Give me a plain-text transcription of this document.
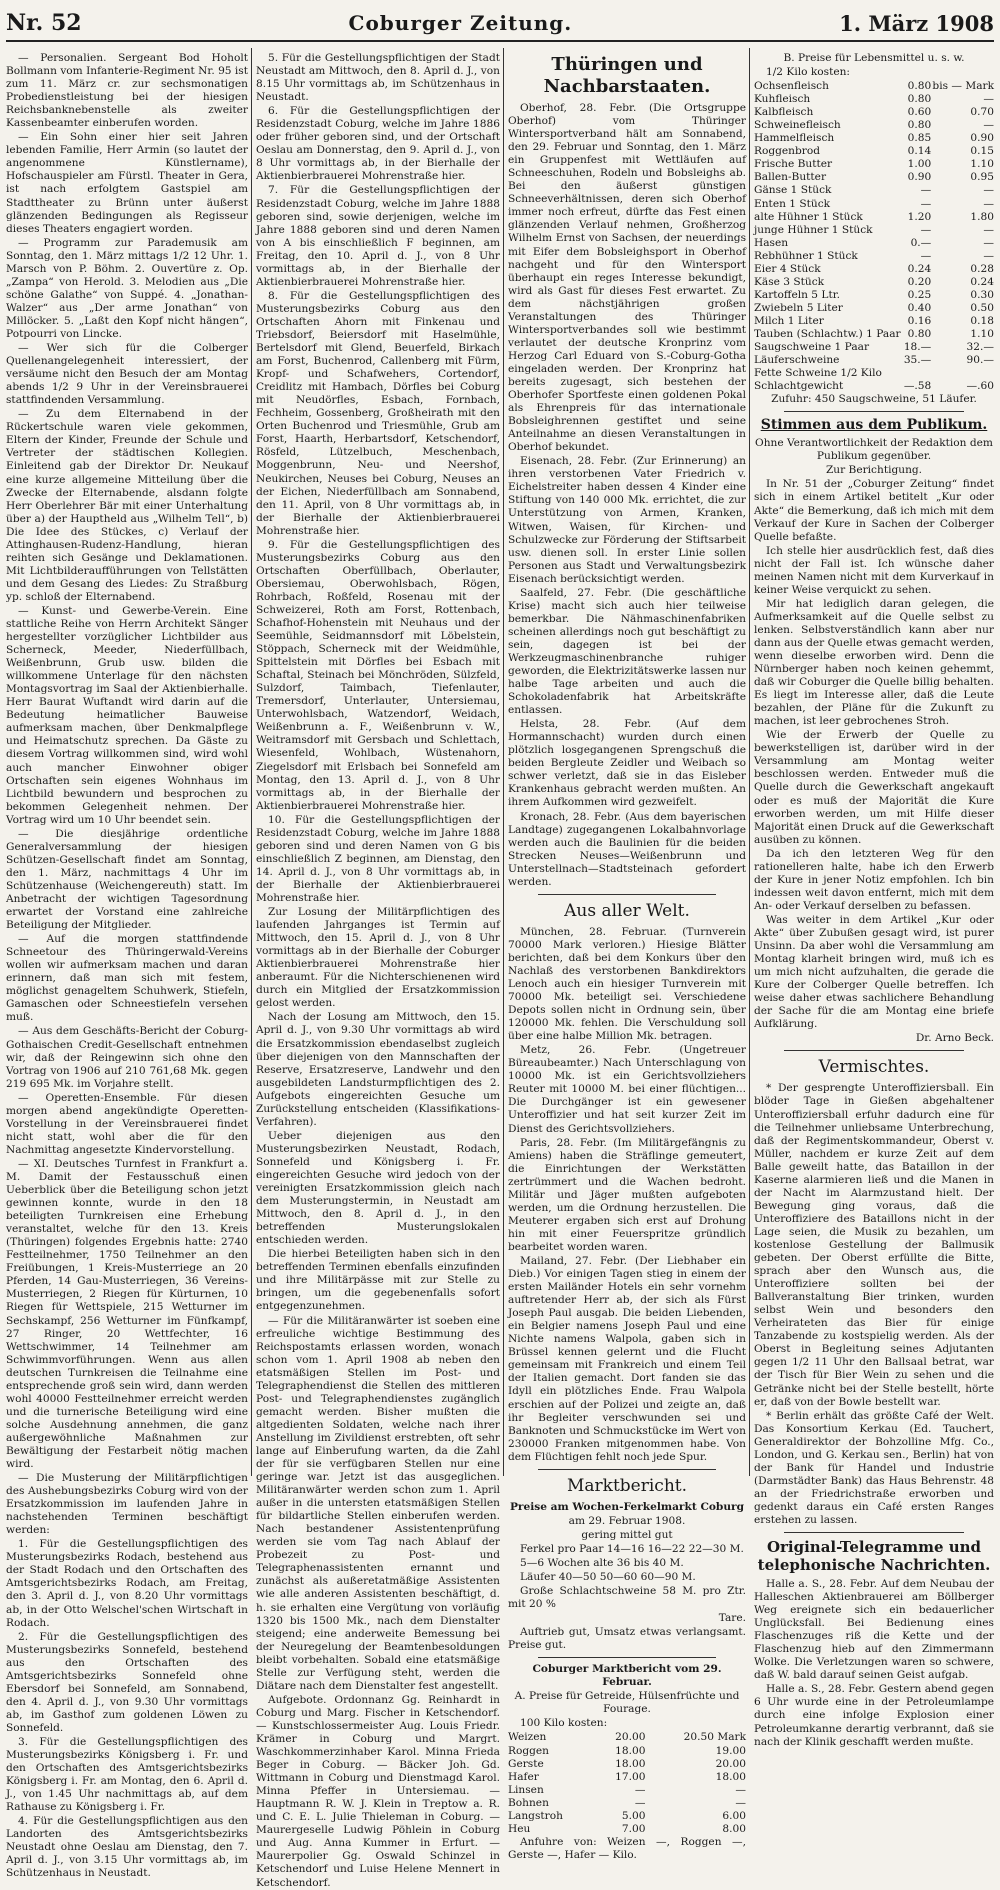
Nr. 52	Coburger Zeitung.	1. März 1908

— Personalien. Sergeant Bod Hoholt Bollmann vom Infanterie-Regiment Nr. 95 ist zum 11. März cr. zur sechsmonatigen Probedienstleistung bei der hiesigen Reichsbanknebenstelle als zweiter Kassenbeamter einberufen worden.

— Ein Sohn einer hier seit Jahren lebenden Familie, Herr Armin (so lautet der angenommene Künstlername), Hofschauspieler am Fürstl. Theater in Gera, ist nach erfolgtem Gastspiel am Stadttheater zu Brünn unter äußerst glänzenden Bedingungen als Regisseur dieses Theaters engagiert worden.

— Programm zur Parademusik am Sonntag, den 1. März mittags 1/2 12 Uhr. 1. Marsch von P. Böhm. 2. Ouvertüre z. Op. „Zampa“ von Herold. 3. Melodien aus „Die schöne Galathe“ von Suppé. 4. „Jonathan-Walzer“ aus „Der arme Jonathan“ von Millöcker. 5. „Laßt den Kopf nicht hängen“, Potpourri von Lincke.

— Wer sich für die Colberger Quellenangelegenheit interessiert, der versäume nicht den Besuch der am Montag abends 1/2 9 Uhr in der Vereinsbrauerei stattfindenden Versammlung.

— Zu dem Elternabend in der Rückertschule waren viele gekommen, Eltern der Kinder, Freunde der Schule und Vertreter der städtischen Kollegien. Einleitend gab der Direktor Dr. Neukauf eine kurze allgemeine Mitteilung über die Zwecke der Elternabende, alsdann folgte Herr Oberlehrer Bär mit einer Unterhaltung über a) der Hauptheld aus „Wilhelm Tell“, b) Die Idee des Stückes, c) Verlauf der Attinghausen-Rudenz-Handlung, hieran reihten sich Gesänge und Deklamationen. Mit Lichtbilderaufführungen von Tellstätten und dem Gesang des Liedes: Zu Straßburg yp. schloß der Elternabend.

— Kunst- und Gewerbe-Verein. Eine stattliche Reihe von Herrn Architekt Sänger hergestellter vorzüglicher Lichtbilder aus Scherneck, Meeder, Niederfüllbach, Weißenbrunn, Grub usw. bilden die willkommene Unterlage für den nächsten Montagsvortrag im Saal der Aktienbierhalle. Herr Baurat Wuftandt wird darin auf die Bedeutung heimatlicher Bauweise aufmerksam machen, über Denkmalpflege und Heimatschutz sprechen. Da Gäste zu diesem Vortrag willkommen sind, wird wohl auch mancher Einwohner obiger Ortschaften sein eigenes Wohnhaus im Lichtbild bewundern und besprochen zu bekommen Gelegenheit nehmen. Der Vortrag wird um 10 Uhr beendet sein.

— Die diesjährige ordentliche Generalversammlung der hiesigen Schützen-Gesellschaft findet am Sonntag, den 1. März, nachmittags 4 Uhr im Schützenhause (Weichengereuth) statt. Im Anbetracht der wichtigen Tagesordnung erwartet der Vorstand eine zahlreiche Beteiligung der Mitglieder.

— Auf die morgen stattfindende Schneetour des Thüringerwald-Vereins wollen wir aufmerksam machen und daran erinnern, daß man sich mit festem, möglichst genageltem Schuhwerk, Stiefeln, Gamaschen oder Schneestiefeln versehen muß.

— Aus dem Geschäfts-Bericht der Coburg-Gothaischen Credit-Gesellschaft entnehmen wir, daß der Reingewinn sich ohne den Vortrag von 1906 auf 210 761,68 Mk. gegen 219 695 Mk. im Vorjahre stellt.

— Operetten-Ensemble. Für diesen morgen abend angekündigte Operetten-Vorstellung in der Vereinsbrauerei findet nicht statt, wohl aber die für den Nachmittag angesetzte Kindervorstellung.

— XI. Deutsches Turnfest in Frankfurt a. M. Damit der Festausschuß einen Ueberblick über die Beteiligung schon jetzt gewinnen konnte, wurde in den 18 beteiligten Turnkreisen eine Erhebung veranstaltet, welche für den 13. Kreis (Thüringen) folgendes Ergebnis hatte: 2740 Festteilnehmer, 1750 Teilnehmer an den Freiübungen, 1 Kreis-Musterriege an 20 Pferden, 14 Gau-Musterriegen, 36 Vereins-Musterriegen, 2 Riegen für Kürturnen, 10 Riegen für Wettspiele, 215 Wetturner im Sechskampf, 256 Wetturner im Fünfkampf, 27 Ringer, 20 Wettfechter, 16 Wettschwimmer, 14 Teilnehmer am Schwimmvorführungen. Wenn aus allen deutschen Turnkreisen die Teilnahme eine entsprechende groß sein wird, dann werden wohl 40000 Festteilnehmer erreicht werden und die turnerische Beteiligung wird eine solche Ausdehnung annehmen, die ganz außergewöhnliche Maßnahmen zur Bewältigung der Festarbeit nötig machen wird.

— Die Musterung der Militärpflichtigen des Aushebungsbezirks Coburg wird von der Ersatzkommission im laufenden Jahre in nachstehenden Terminen beschäftigt werden:

1. Für die Gestellungspflichtigen des Musterungsbezirks Rodach, bestehend aus der Stadt Rodach und den Ortschaften des Amtsgerichtsbezirks Rodach, am Freitag, den 3. April d. J., von 8.20 Uhr vormittags ab, in der Otto Welschel'schen Wirtschaft in Rodach.

2. Für die Gestellungspflichtigen des Musterungsbezirks Sonnefeld, bestehend aus den Ortschaften des Amtsgerichtsbezirks Sonnefeld ohne Ebersdorf bei Sonnefeld, am Sonnabend, den 4. April d. J., von 9.30 Uhr vormittags ab, im Gasthof zum goldenen Löwen zu Sonnefeld.

3. Für die Gestellungspflichtigen des Musterungsbezirks Königsberg i. Fr. und den Ortschaften des Amtsgerichtsbezirks Königsberg i. Fr. am Montag, den 6. April d. J., von 1.45 Uhr nachmittags ab, auf dem Rathause zu Königsberg i. Fr.

4. Für die Gestellungspflichtigen aus den Landorten des Amtsgerichtsbezirks Neustadt ohne Oeslau am Dienstag, den 7. April d. J., von 3.15 Uhr vormittags ab, im Schützenhaus in Neustadt.

5. Für die Gestellungspflichtigen der Stadt Neustadt am Mittwoch, den 8. April d. J., von 8.15 Uhr vormittags ab, im Schützenhaus in Neustadt.

6. Für die Gestellungspflichtigen der Residenzstadt Coburg, welche im Jahre 1886 oder früher geboren sind, und der Ortschaft Oeslau am Donnerstag, den 9. April d. J., von 8 Uhr vormittags ab, in der Bierhalle der Aktienbierbrauerei Mohrenstraße hier.

7. Für die Gestellungspflichtigen der Residenzstadt Coburg, welche im Jahre 1888 geboren sind, sowie derjenigen, welche im Jahre 1888 geboren sind und deren Namen von A bis einschließlich F beginnen, am Freitag, den 10. April d. J., von 8 Uhr vormittags ab, in der Bierhalle der Aktienbierbrauerei Mohrenstraße hier.

8. Für die Gestellungspflichtigen des Musterungsbezirks Coburg aus den Ortschaften Ahorn mit Finkenau und Triebsdorf, Beiersdorf mit Haselmühle, Bertelsdorf mit Glend, Beuerfeld, Birkach am Forst, Buchenrod, Callenberg mit Fürm, Kropf- und Schafwehers, Cortendorf, Creidlitz mit Hambach, Dörfles bei Coburg mit Neudörfles, Esbach, Fornbach, Fechheim, Gossenberg, Großheirath mit den Orten Buchenrod und Triesmühle, Grub am Forst, Haarth, Herbartsdorf, Ketschendorf, Rösfeld, Lützelbuch, Meschenbach, Moggenbrunn, Neu- und Neershof, Neukirchen, Neuses bei Coburg, Neuses an der Eichen, Niederfüllbach am Sonnabend, den 11. April, von 8 Uhr vormittags ab, in der Bierhalle der Aktienbierbrauerei Mohrenstraße hier.

9. Für die Gestellungspflichtigen des Musterungsbezirks Coburg aus den Ortschaften Oberfüllbach, Oberlauter, Obersiemau, Oberwohlsbach, Rögen, Rohrbach, Roßfeld, Rosenau mit der Schweizerei, Roth am Forst, Rottenbach, Schafhof-Hohenstein mit Neuhaus und der Seemühle, Seidmannsdorf mit Löbelstein, Stöppach, Scherneck mit der Weidmühle, Spittelstein mit Dörfles bei Esbach mit Schaftal, Steinach bei Mönchröden, Sülzfeld, Sulzdorf, Taimbach, Tiefenlauter, Tremersdorf, Unterlauter, Untersiemau, Unterwohlsbach, Watzendorf, Weidach, Weißenbrunn a. F., Weißenbrunn v. W., Weitramsdorf mit Gersbach und Schlettach, Wiesenfeld, Wohlbach, Wüstenahorn, Ziegelsdorf mit Erlsbach bei Sonnefeld am Montag, den 13. April d. J., von 8 Uhr vormittags ab, in der Bierhalle der Aktienbierbrauerei Mohrenstraße hier.

10. Für die Gestellungspflichtigen der Residenzstadt Coburg, welche im Jahre 1888 geboren sind und deren Namen von G bis einschließlich Z beginnen, am Dienstag, den 14. April d. J., von 8 Uhr vormittags ab, in der Bierhalle der Aktienbierbrauerei Mohrenstraße hier.

Zur Losung der Militärpflichtigen des laufenden Jahrganges ist Termin auf Mittwoch, den 15. April d. J., von 8 Uhr vormittags ab in der Bierhalle der Coburger Aktienbierbrauerei Mohrenstraße hier anberaumt. Für die Nichterschienenen wird durch ein Mitglied der Ersatzkommission gelost werden.

Nach der Losung am Mittwoch, den 15. April d. J., von 9.30 Uhr vormittags ab wird die Ersatzkommission ebendaselbst zugleich über diejenigen von den Mannschaften der Reserve, Ersatzreserve, Landwehr und den ausgebildeten Landsturmpflichtigen des 2. Aufgebots eingereichten Gesuche um Zurückstellung entscheiden (Klassifikations-Verfahren).

Ueber diejenigen aus den Musterungsbezirken Neustadt, Rodach, Sonnefeld und Königsberg i. Fr. eingereichten Gesuche wird jedoch von der vereinigten Ersatzkommission gleich nach dem Musterungstermin, in Neustadt am Mittwoch, den 8. April d. J., in den betreffenden Musterungslokalen entschieden werden.

Die hierbei Beteiligten haben sich in den betreffenden Terminen ebenfalls einzufinden und ihre Militärpässe mit zur Stelle zu bringen, um die gegebenenfalls sofort entgegenzunehmen.

— Für die Militäranwärter ist soeben eine erfreuliche wichtige Bestimmung des Reichspostamts erlassen worden, wonach schon vom 1. April 1908 ab neben den etatsmäßigen Stellen im Post- und Telegraphendienst die Stellen des mittleren Post- und Telegraphendienstes zugänglich gemacht werden. Bisher mußten die altgedienten Soldaten, welche nach ihrer Anstellung im Zivildienst erstrebten, oft sehr lange auf Einberufung warten, da die Zahl der für sie verfügbaren Stellen nur eine geringe war. Jetzt ist das ausgeglichen. Militäranwärter werden schon zum 1. April außer in die untersten etatsmäßigen Stellen für bildartliche Stellen einberufen werden. Nach bestandener Assistentenprüfung werden sie vom Tag nach Ablauf der Probezeit zu Post- und Telegraphenassistenten ernannt und zunächst als außeretatmäßige Assistenten wie alle anderen Assistenten beschäftigt, d. h. sie erhalten eine Vergütung von vorläufig 1320 bis 1500 Mk., nach dem Dienstalter steigend; eine anderweite Bemessung bei der Neuregelung der Beamtenbesoldungen bleibt vorbehalten. Sobald eine etatsmäßige Stelle zur Verfügung steht, werden die Diätare nach dem Dienstalter fest angestellt.

Aufgebote. Ordonnanz Gg. Reinhardt in Coburg und Marg. Fischer in Ketschendorf. — Kunstschlossermeister Aug. Louis Friedr. Krämer in Coburg und Margrt. Waschkommerzinhaber Karol. Minna Frieda Beger in Coburg. — Bäcker Joh. Gd. Wittmann in Coburg und Dienstmagd Karol. Minna Pfeffer in Untersiemau. — Hauptmann R. W. J. Klein in Treptow a. R. und C. E. L. Julie Thieleman in Coburg. — Maurergeselle Ludwig Pöhlein in Coburg und Aug. Anna Kummer in Erfurt. — Maurerpolier Gg. Oswald Schinzel in Ketschendorf und Luise Helene Mennert in Ketschendorf.

Thüringen und Nachbarstaaten.

Oberhof, 28. Febr. (Die Ortsgruppe Oberhof) vom Thüringer Wintersportverband hält am Sonnabend, den 29. Februar und Sonntag, den 1. März ein Gruppenfest mit Wettläufen auf Schneeschuhen, Rodeln und Bobsleighs ab. Bei den äußerst günstigen Schneeverhältnissen, deren sich Oberhof immer noch erfreut, dürfte das Fest einen glänzenden Verlauf nehmen, Großherzog Wilhelm Ernst von Sachsen, der neuerdings mit Eifer dem Bobsleighsport in Oberhof nachgeht und für den Wintersport überhaupt ein reges Interesse bekundigt, wird als Gast für dieses Fest erwartet. Zu dem nächstjährigen großen Veranstaltungen des Thüringer Wintersportverbandes soll wie bestimmt verlautet der deutsche Kronprinz vom Herzog Carl Eduard von S.-Coburg-Gotha eingeladen werden. Der Kronprinz hat bereits zugesagt, sich bestehen der Oberhofer Sportfeste einen goldenen Pokal als Ehrenpreis für das internationale Bobsleighrennen gestiftet und seine Anteilnahme an diesen Veranstaltungen in Oberhof bekundet.

Eisenach, 28. Febr. (Zur Erinnerung) an ihren verstorbenen Vater Friedrich v. Eichelstreiter haben dessen 4 Kinder eine Stiftung von 140 000 Mk. errichtet, die zur Unterstützung von Armen, Kranken, Witwen, Waisen, für Kirchen- und Schulzwecke zur Förderung der Stiftsarbeit usw. dienen soll. In erster Linie sollen Personen aus Stadt und Verwaltungsbezirk Eisenach berücksichtigt werden.

Saalfeld, 27. Febr. (Die geschäftliche Krise) macht sich auch hier teilweise bemerkbar. Die Nähmaschinenfabriken scheinen allerdings noch gut beschäftigt zu sein, dagegen ist bei der Werkzeugmaschinenbranche ruhiger geworden, die Elektrizitätswerke lassen nur halbe Tage arbeiten und auch die Schokoladenfabrik hat Arbeitskräfte entlassen.

Helsta, 28. Febr. (Auf dem Hormannschacht) wurden durch einen plötzlich losgegangenen Sprengschuß die beiden Bergleute Zeidler und Weibach so schwer verletzt, daß sie in das Eisleber Krankenhaus gebracht werden mußten. An ihrem Aufkommen wird gezweifelt.

Kronach, 28. Febr. (Aus dem bayerischen Landtage) zugegangenen Lokalbahnvorlage werden auch die Baulinien für die beiden Strecken Neuses—Weißenbrunn und Unterstellnach—Stadtsteinach gefordert werden.

Aus aller Welt.

München, 28. Februar. (Turnverein 70000 Mark verloren.) Hiesige Blätter berichten, daß bei dem Konkurs über den Nachlaß des verstorbenen Bankdirektors Lenoch auch ein hiesiger Turnverein mit 70000 Mk. beteiligt sei. Verschiedene Depots sollen nicht in Ordnung sein, über 120000 Mk. fehlen. Die Verschuldung soll über eine halbe Million Mk. betragen.

Metz, 26. Febr. (Ungetreuer Büreaubeamter.) Nach Unterschlagung von 10000 Mk. ist ein Gerichtsvollziehers Reuter mit 10000 M. bei einer flüchtigen... Die Durchgänger ist ein gewesener Unteroffizier und hat seit kurzer Zeit im Dienst des Gerichtsvollziehers.

Paris, 28. Febr. (Im Militärgefängnis zu Amiens) haben die Sträflinge gemeutert, die Einrichtungen der Werkstätten zertrümmert und die Wachen bedroht. Militär und Jäger mußten aufgeboten werden, um die Ordnung herzustellen. Die Meuterer ergaben sich erst auf Drohung hin mit einer Feuerspritze gründlich bearbeitet worden waren.

Mailand, 27. Febr. (Der Liebhaber ein Dieb.) Vor einigen Tagen stieg in einem der ersten Mailänder Hotels ein sehr vornehm auftretender Herr ab, der sich als Fürst Joseph Paul ausgab. Die beiden Liebenden, ein Belgier namens Joseph Paul und eine Nichte namens Walpola, gaben sich in Brüssel kennen gelernt und die Flucht gemeinsam mit Frankreich und einem Teil der Italien gemacht. Dort fanden sie das Idyll ein plötzliches Ende. Frau Walpola erschien auf der Polizei und zeigte an, daß ihr Begleiter verschwunden sei und Banknoten und Schmuckstücke im Wert von 230000 Franken mitgenommen habe. Von dem Flüchtigen fehlt noch jede Spur.

Marktbericht.

Preise am Wochen-Ferkelmarkt Coburg

am 29. Februar 1908.

gering mittel gut

Ferkel pro Paar 14—16 16—22 22—30 M.

5—6 Wochen alte 36 bis 40 M.

Läufer 40—50 50—60 60—90 M.

Große Schlachtschweine 58 M. pro Ztr. mit 20 %

Tare.

Auftrieb gut, Umsatz etwas verlangsamt. Preise gut.

Coburger Marktbericht vom 29. Februar.

A. Preise für Getreide, Hülsenfrüchte und Fourage.

100 Kilo kosten:

Weizen	20.00	20.50 Mark
Roggen	18.00	19.00
Gerste	18.00	20.00
Hafer	17.00	18.00
Linsen	—	—
Bohnen	—	—
Langstroh	5.00	6.00
Heu	7.00	8.00

Anfuhre von: Weizen —, Roggen —, Gerste —, Hafer — Kilo.

B. Preise für Lebensmittel u. s. w.

1/2 Kilo kosten:

Ochsenfleisch	0.80	bis — Mark
Kuhfleisch	0.80	—
Kalbfleisch	0.60	0.70
Schweinefleisch	0.80	—
Hammelfleisch	0.85	0.90
Roggenbrod	0.14	0.15
Frische Butter	1.00	1.10
Ballen-Butter	0.90	0.95
Gänse 1 Stück	—	—
Enten 1 Stück	—	—
alte Hühner 1 Stück	1.20	1.80
junge Hühner 1 Stück	—	—
Hasen	0.—	—
Rebhühner 1 Stück	—	—
Eier 4 Stück	0.24	0.28
Käse 3 Stück	0.20	0.24
Kartoffeln 5 Ltr.	0.25	0.30
Zwiebeln 5 Liter	0.40	0.50
Milch 1 Liter	0.16	0.18
Tauben (Schlachtw.) 1 Paar	0.80	1.10
Saugschweine 1 Paar	18.—	32.—
Läuferschweine	35.—	90.—
Fette Schweine 1/2 Kilo		
Schlachtgewicht	—.58	—.60

Zufuhr: 450 Saugschweine, 51 Läufer.

Stimmen aus dem Publikum.

Ohne Verantwortlichkeit der Redaktion dem Publikum gegenüber.

Zur Berichtigung.

In Nr. 51 der „Coburger Zeitung“ findet sich in einem Artikel betitelt „Kur oder Akte“ die Bemerkung, daß ich mich mit dem Verkauf der Kure in Sachen der Colberger Quelle befaßte.

Ich stelle hier ausdrücklich fest, daß dies nicht der Fall ist. Ich wünsche daher meinen Namen nicht mit dem Kurverkauf in keiner Weise verquickt zu sehen.

Mir hat lediglich daran gelegen, die Aufmerksamkeit auf die Quelle selbst zu lenken. Selbstverständlich kann aber nur dann aus der Quelle etwas gemacht werden, wenn dieselbe erworben wird. Denn die Nürnberger haben noch keinen gehemmt, daß wir Coburger die Quelle billig behalten. Es liegt im Interesse aller, daß die Leute bezahlen, der Pläne für die Zukunft zu machen, ist leer gebrochenes Stroh.

Wie der Erwerb der Quelle zu bewerkstelligen ist, darüber wird in der Versammlung am Montag weiter beschlossen werden. Entweder muß die Quelle durch die Gewerkschaft angekauft oder es muß der Majorität die Kure erworben werden, um mit Hilfe dieser Majorität einen Druck auf die Gewerkschaft ausüben zu können.

Da ich den letzteren Weg für den rationelleren halte, habe ich den Erwerb der Kure in jener Notiz empfohlen. Ich bin indessen weit davon entfernt, mich mit dem An- oder Verkauf derselben zu befassen.

Was weiter in dem Artikel „Kur oder Akte“ über Zubußen gesagt wird, ist purer Unsinn. Da aber wohl die Versammlung am Montag klarheit bringen wird, muß ich es um mich nicht aufzuhalten, die gerade die Kure der Colberger Quelle betreffen. Ich weise daher etwas sachlichere Behandlung der Sache für die am Montag eine briefe Aufklärung.

Dr. Arno Beck.

Vermischtes.

* Der gesprengte Unteroffiziersball. Ein blöder Tage in Gießen abgehaltener Unteroffiziersball erfuhr dadurch eine für die Teilnehmer unliebsame Unterbrechung, daß der Regimentskommandeur, Oberst v. Müller, nachdem er kurze Zeit auf dem Balle geweilt hatte, das Bataillon in der Kaserne alarmieren ließ und die Manen in der Nacht im Alarmzustand hielt. Der Bewegung ging voraus, daß die Unteroffiziere des Bataillons nicht in der Lage seien, die Musik zu bezahlen, um kostenlose Gestellung der Ballmusik gebeten. Der Oberst erfüllte die Bitte, sprach aber den Wunsch aus, die Unteroffiziere sollten bei der Ballveranstaltung Bier trinken, wurden selbst Wein und besonders den Verheirateten das Bier für einige Tanzabende zu kostspielig werden. Als der Oberst in Begleitung seines Adjutanten gegen 1/2 11 Uhr den Ballsaal betrat, war der Tisch für Bier Wein zu sehen und die Getränke nicht bei der Stelle bestellt, hörte er, daß von der Bowle bestellt war.

* Berlin erhält das größte Café der Welt. Das Konsortium Kerkau (Ed. Tauchert, Generaldirektor der Bohzolline Mfg. Co., London, und G. Kerkau sen., Berlin) hat von der Bank für Handel und Industrie (Darmstädter Bank) das Haus Behrenstr. 48 an der Friedrichstraße erworben und gedenkt daraus ein Café ersten Ranges erstehen zu lassen.

Original-Telegramme und telephonische Nachrichten.

Halle a. S., 28. Febr. Auf dem Neubau der Halleschen Aktienbrauerei am Böllberger Weg ereignete sich ein bedauerlicher Unglücksfall. Bei Bedienung eines Flaschenzuges riß die Kette und der Flaschenzug hieb auf den Zimmermann Wolke. Die Verletzungen waren so schwere, daß W. bald darauf seinen Geist aufgab.

Halle a. S., 28. Febr. Gestern abend gegen 6 Uhr wurde eine in der Petroleumlampe durch eine infolge Explosion einer Petroleumkanne derartig verbrannt, daß sie nach der Klinik geschafft werden mußte.
